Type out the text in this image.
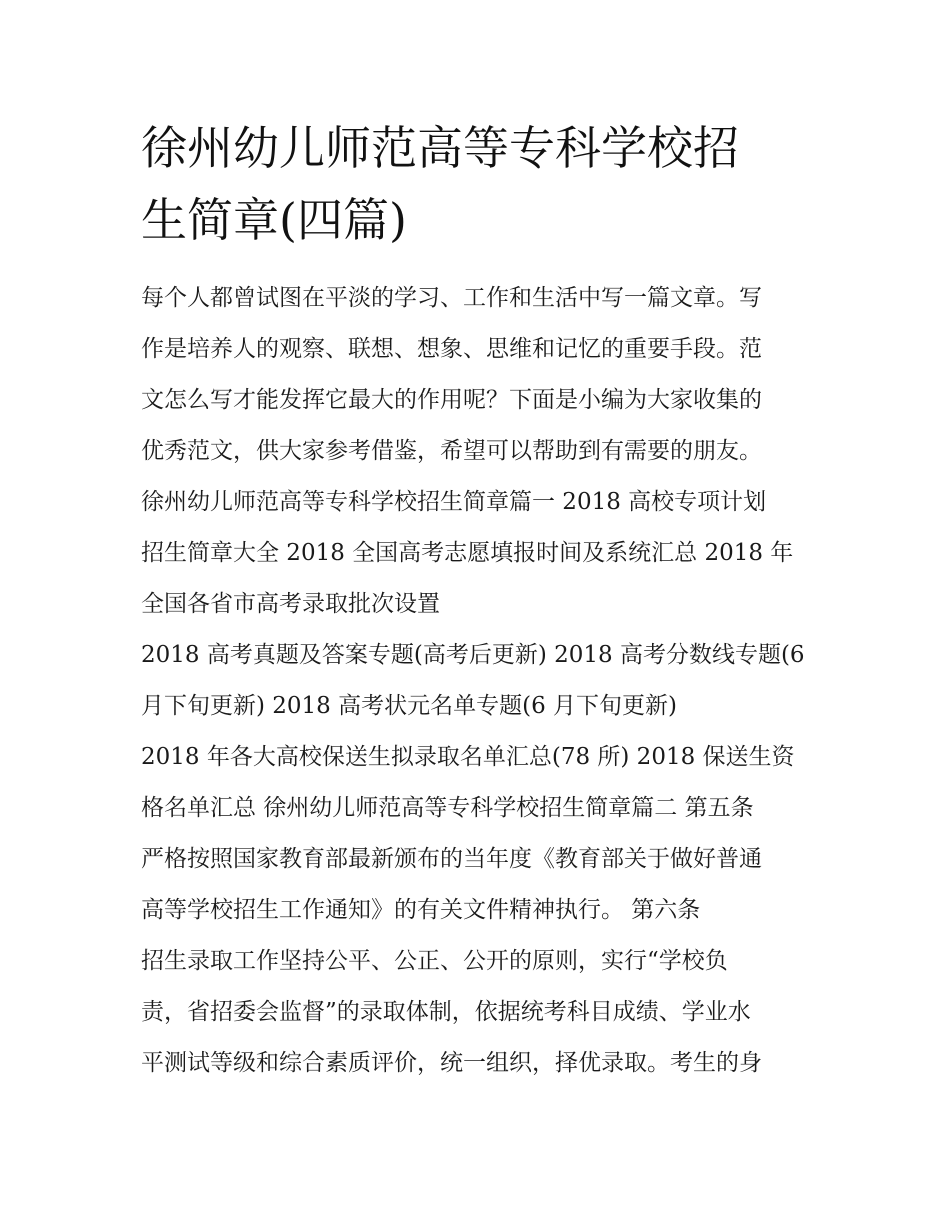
徐州幼儿师范高等专科学校招
生简章(四篇)
每个人都曾试图在平淡的学习、工作和生活中写一篇文章。写
作是培养人的观察、联想、想象、思维和记忆的重要手段。范
文怎么写才能发挥它最大的作用呢？下面是小编为大家收集的
优秀范文，供大家参考借鉴，希望可以帮助到有需要的朋友。
徐州幼儿师范高等专科学校招生简章篇一 2018 高校专项计划
招生简章大全 2018 全国高考志愿填报时间及系统汇总 2018 年
全国各省市高考录取批次设置
2018 高考真题及答案专题(高考后更新) 2018 高考分数线专题(6
月下旬更新) 2018 高考状元名单专题(6 月下旬更新)
2018 年各大高校保送生拟录取名单汇总(78 所) 2018 保送生资
格名单汇总 徐州幼儿师范高等专科学校招生简章篇二 第五条
严格按照国家教育部最新颁布的当年度《教育部关于做好普通
高等学校招生工作通知》的有关文件精神执行。 第六条
招生录取工作坚持公平、公正、公开的原则，实行“学校负
责，省招委会监督”的录取体制，依据统考科目成绩、学业水
平测试等级和综合素质评价，统一组织，择优录取。考生的身
